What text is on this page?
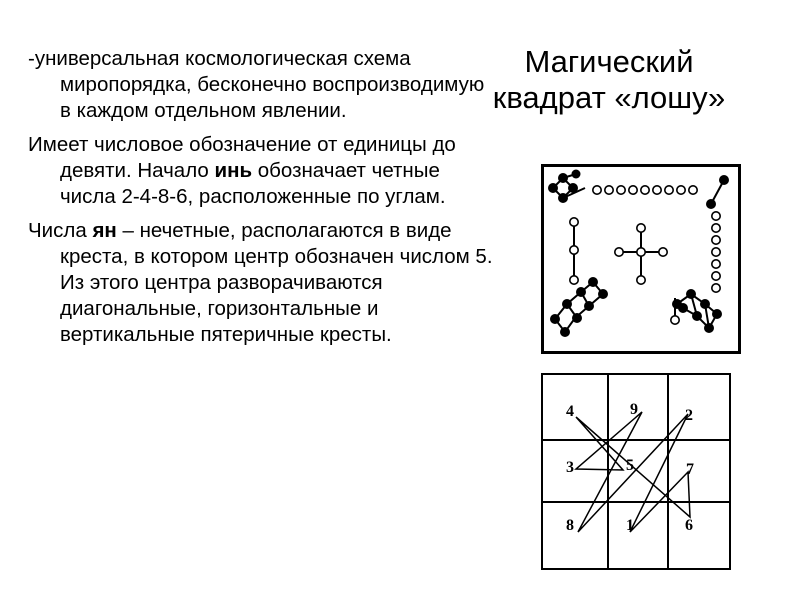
Магический
квадрат «лошу»

-универсальная космологическая схема миропорядка, бесконечно воспроизводимую в каждом отдельном явлении.

Имеет числовое обозначение от единицы до девяти. Начало инь обозначает четные числа 2-4-8-6, расположенные по углам.

Числа ян – нечетные, располагаются в виде креста, в котором центр обозначен числом 5. Из этого центра разворачиваются диагональные, горизонтальные и вертикальные пятеричные кресты.

4	9	2
3	5	7
8	1	6
